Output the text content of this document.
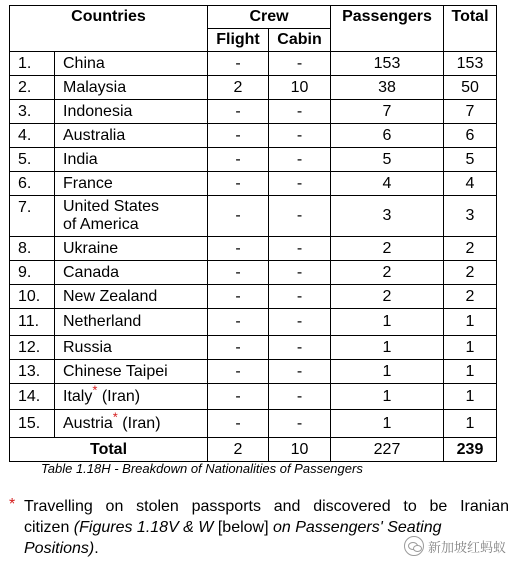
Countries		Crew		Passengers	Total
		Flight	Cabin		
1.	China	-	-	153	153
2.	Malaysia	2	10	38	50
3.	Indonesia	-	-	7	7
4.	Australia	-	-	6	6
5.	India	-	-	5	5
6.	France	-	-	4	4
7.	United States
of America	-	-	3	3
8.	Ukraine	-	-	2	2
9.	Canada	-	-	2	2
10.	New Zealand	-	-	2	2
11.	Netherland	-	-	1	1
12.	Russia	-	-	1	1
13.	Chinese Taipei	-	-	1	1
14.	Italy* (Iran)	-	-	1	1
15.	Austria* (Iran)	-	-	1	1
Total		2	10	227	239
Table 1.18H - Breakdown of Nationalities of Passengers
* Travelling on stolen passports and discovered to be Iranian
citizen (Figures 1.18V & W [below] on Passengers' Seating
Positions).	新加坡红蚂蚁
